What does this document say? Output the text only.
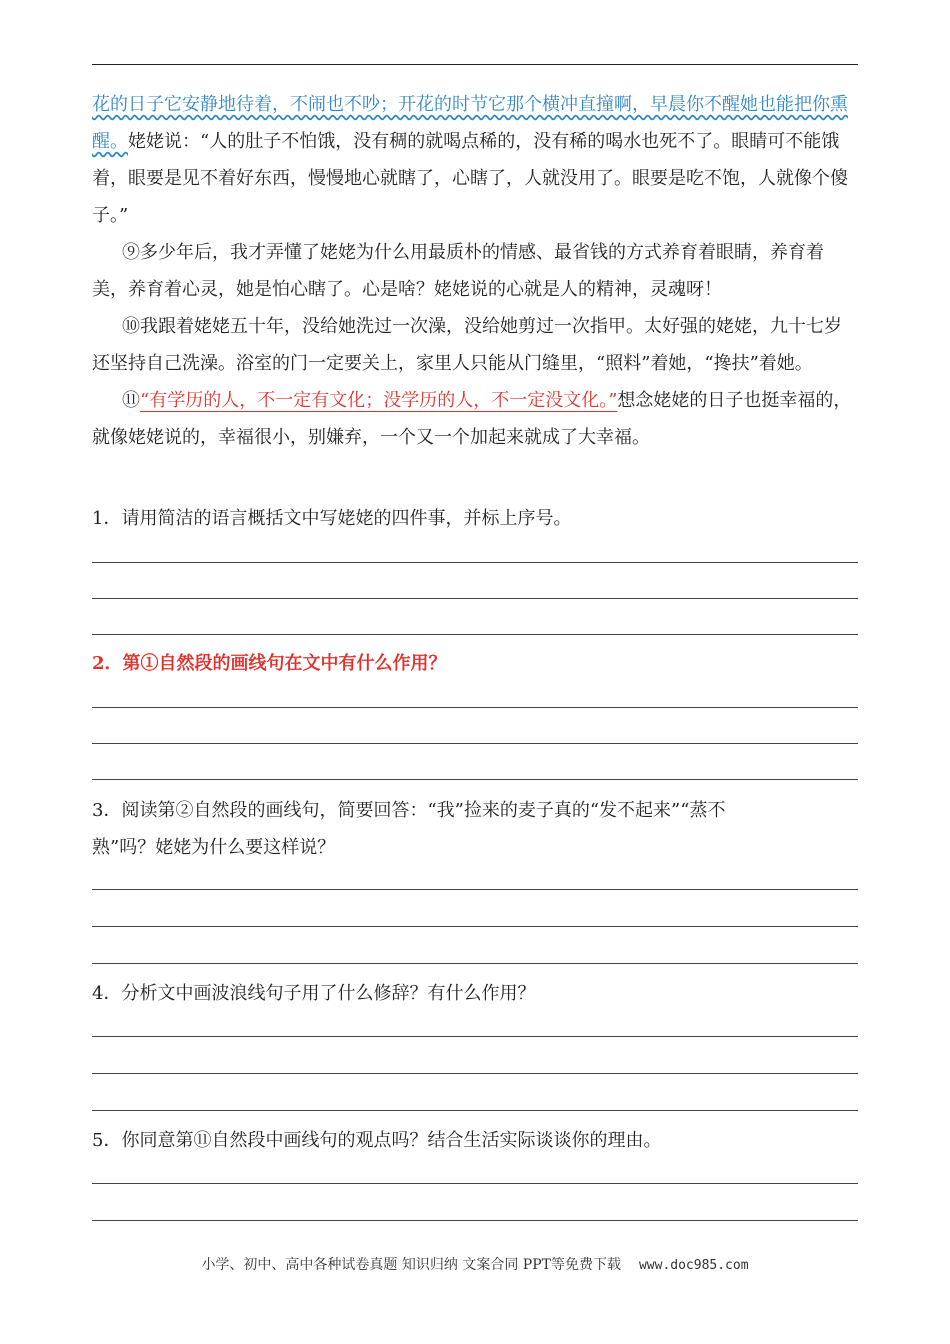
花的日子它安静地待着，不闹也不吵；开花的时节它那个横冲直撞啊，早晨你不醒她也能把你熏醒。姥姥说：“人的肚子不怕饿，没有稠的就喝点稀的，没有稀的喝水也死不了。眼睛可不能饿着，眼要是见不着好东西，慢慢地心就瞎了，心瞎了，人就没用了。眼要是吃不饱，人就像个傻子。”

⑨多少年后，我才弄懂了姥姥为什么用最质朴的情感、最省钱的方式养育着眼睛，养育着美，养育着心灵，她是怕心瞎了。心是啥？姥姥说的心就是人的精神，灵魂呀！

⑩我跟着姥姥五十年，没给她洗过一次澡，没给她剪过一次指甲。太好强的姥姥，九十七岁还坚持自己洗澡。浴室的门一定要关上，家里人只能从门缝里，“照料”着她，“搀扶”着她。

⑪“有学历的人，不一定有文化；没学历的人，不一定没文化。”想念姥姥的日子也挺幸福的，就像姥姥说的，幸福很小，别嫌弃，一个又一个加起来就成了大幸福。

1．请用简洁的语言概括文中写姥姥的四件事，并标上序号。
2．第①自然段的画线句在文中有什么作用？
3．阅读第②自然段的画线句，简要回答：“我”捡来的麦子真的“发不起来”“蒸不
熟”吗？姥姥为什么要这样说？
4．分析文中画波浪线句子用了什么修辞？有什么作用？
5．你同意第⑪自然段中画线句的观点吗？结合生活实际谈谈你的理由。
小学、初中、高中各种试卷真题 知识归纳 文案合同 PPT等免费下载 www.doc985.com
